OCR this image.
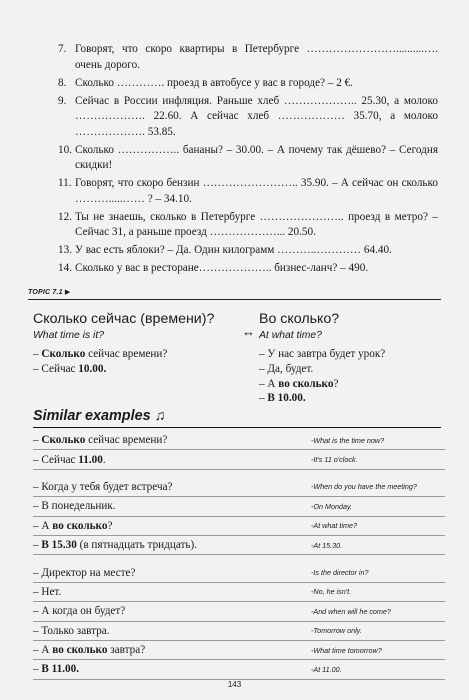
7. Говорят, что скоро квартиры в Петербурге ……………………..........…. очень дорого.
8. Сколько …………. проезд в автобусе у вас в городе? – 2 €.
9. Сейчас в России инфляция. Раньше хлеб ……………….. 25.30, а молоко ………………. 22.60. А сейчас хлеб ……………… 35.70, а молоко ………………. 53.85.
10. Сколько …………….. бананы? – 30.00. – А почему так дёшево? – Сегодня скидки!
11. Говорят, что скоро бензин …………………….. 35.90. – А сейчас он сколько ……….....…… ? – 34.10.
12. Ты не знаешь, сколько в Петербурге ………………….. проезд в метро? – Сейчас 31, а раньше проезд ………………... 20.50.
13. У вас есть яблоки? – Да. Один килограмм ………..………… 64.40.
14. Сколько у вас в ресторане……………….. бизнес-ланч? – 490.
TOPIC 7.1 ▶
Сколько сейчас (времени)?
What time is it?
– Сколько сейчас времени?
– Сейчас 10.00.
↔
Во сколько?
At what time?
– У нас завтра будет урок?
– Да, будет.
– А во сколько?
– В 10.00.
Similar examples ♫
– Сколько сейчас времени?	-What is the time now?
– Сейчас 11.00.	-It's 11 o'clock.
– Когда у тебя будет встреча?	-When do you have the meeting?
– В понедельник.	-On Monday.
– А во сколько?	-At what time?
– В 15.30 (в пятнадцать тридцать).	-At 15.30.
– Директор на месте?	-Is the director in?
– Нет.	-No, he isn't.
– А когда он будет?	-And when will he come?
– Только завтра.	-Tomorrow only.
– А во сколько завтра?	-What time tomorrow?
– В 11.00.	-At 11.00.
143
